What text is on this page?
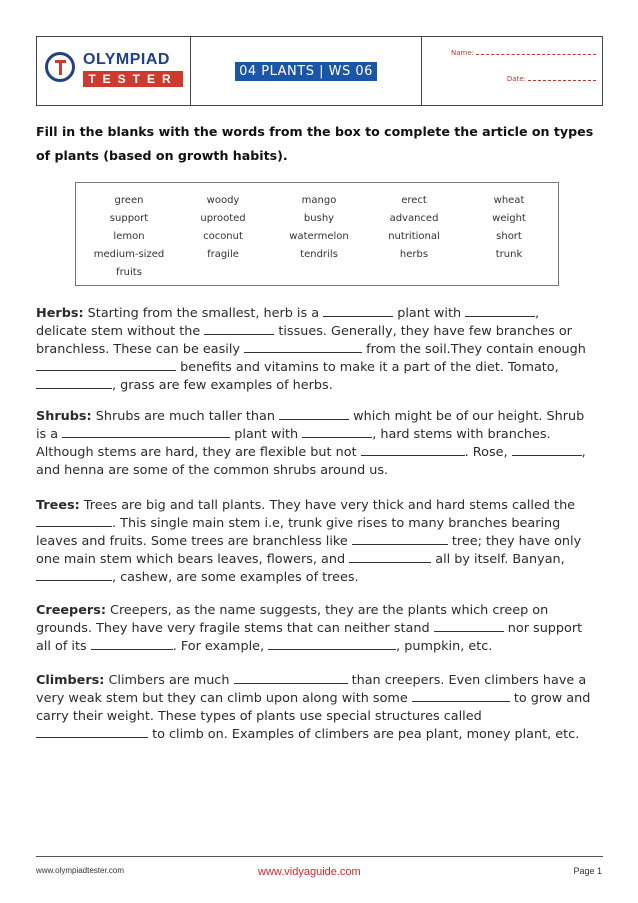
OLYMPIAD
TESTER
04 PLANTS | WS 06
Name:
Date:
Fill in the blanks with the words from the box to complete the article on types of plants (based on growth habits).
green	woody	mango	erect	wheat
support	uprooted	bushy	advanced	weight
lemon	coconut	watermelon	nutritional	short
medium-sized	fragile	tendrils	herbs	trunk
fruits
Herbs: Starting from the smallest, herb is a	plant with	,
delicate stem without the	tissues. Generally, they have few branches or
branchless. These can be easily	from the soil.They contain enough
benefits and vitamins to make it a part of the diet. Tomato,
, grass are few examples of herbs.
Shrubs: Shrubs are much taller than	which might be of our height. Shrub
is a	plant with	, hard stems with branches.
Although stems are hard, they are flexible but not	. Rose,	,
and henna are some of the common shrubs around us.
Trees: Trees are big and tall plants. They have very thick and hard stems called the
. This single main stem i.e, trunk give rises to many branches bearing
leaves and fruits. Some trees are branchless like	tree; they have only
one main stem which bears leaves, flowers, and	all by itself. Banyan,
, cashew, are some examples of trees.
Creepers: Creepers, as the name suggests, they are the plants which creep on
grounds. They have very fragile stems that can neither stand	nor support
all of its	. For example,	, pumpkin, etc.
Climbers: Climbers are much	than creepers. Even climbers have a
very weak stem but they can climb upon along with some	to grow and
carry their weight. These types of plants use special structures called
to climb on. Examples of climbers are pea plant, money plant, etc.
www.olympiadtester.com	www.vidyaguide.com	Page 1
